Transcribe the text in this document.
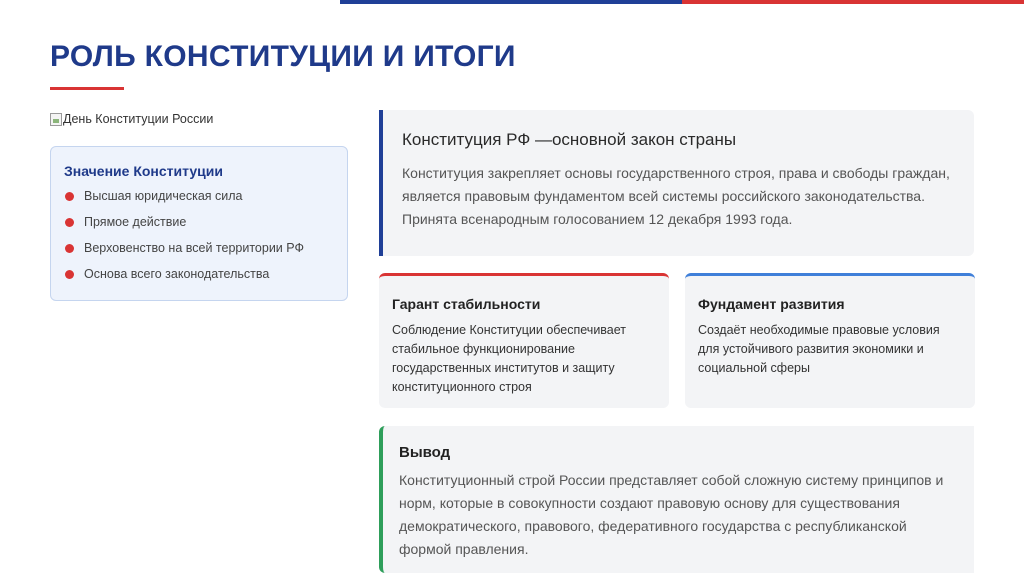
РОЛЬ КОНСТИТУЦИИ И ИТОГИ
День Конституции России
Значение Конституции
Высшая юридическая сила
Прямое действие
Верховенство на всей территории РФ
Основа всего законодательства
Конституция РФ —основной закон страны

Конституция закрепляет основы государственного строя, права и свободы граждан, является правовым фундаментом всей системы российского законодательства. Принята всенародным голосованием 12 декабря 1993 года.

Гарант стабильности

Соблюдение Конституции обеспечивает стабильное функционирование государственных институтов и защиту конституционного строя

Фундамент развития

Создаёт необходимые правовые условия для устойчивого развития экономики и социальной сферы

Вывод

Конституционный строй России представляет собой сложную систему принципов и норм, которые в совокупности создают правовую основу для существования демократического, правового, федеративного государства с республиканской формой правления.
